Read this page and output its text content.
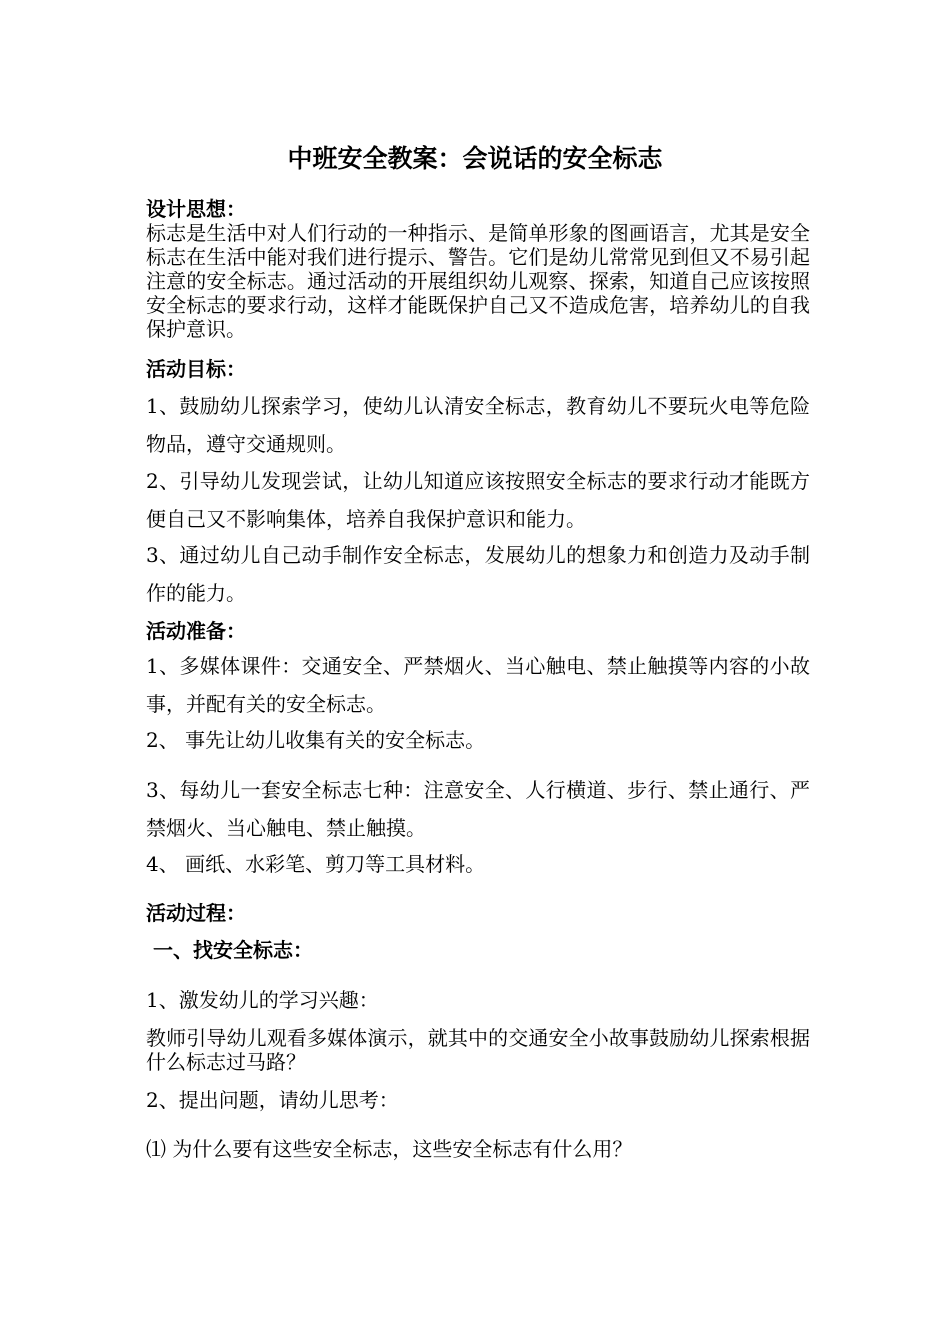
中班安全教案：会说话的安全标志
设计思想：
标志是生活中对人们行动的一种指示、是简单形象的图画语言，尤其是安全标志在生活中能对我们进行提示、警告。它们是幼儿常常见到但又不易引起注意的安全标志。通过活动的开展组织幼儿观察、探索，知道自己应该按照安全标志的要求行动，这样才能既保护自己又不造成危害，培养幼儿的自我保护意识。
活动目标：
1、鼓励幼儿探索学习，使幼儿认清安全标志，教育幼儿不要玩火电等危险物品，遵守交通规则。
2、引导幼儿发现尝试，让幼儿知道应该按照安全标志的要求行动才能既方便自己又不影响集体，培养自我保护意识和能力。
3、通过幼儿自己动手制作安全标志，发展幼儿的想象力和创造力及动手制作的能力。
活动准备：
1、多媒体课件：交通安全、严禁烟火、当心触电、禁止触摸等内容的小故事，并配有关的安全标志。
2、 事先让幼儿收集有关的安全标志。
3、每幼儿一套安全标志七种：注意安全、人行横道、步行、禁止通行、严禁烟火、当心触电、禁止触摸。
4、 画纸、水彩笔、剪刀等工具材料。
活动过程：
一、找安全标志：
1、激发幼儿的学习兴趣：
教师引导幼儿观看多媒体演示，就其中的交通安全小故事鼓励幼儿探索根据什么标志过马路？
2、提出问题，请幼儿思考：
⑴ 为什么要有这些安全标志，这些安全标志有什么用？
